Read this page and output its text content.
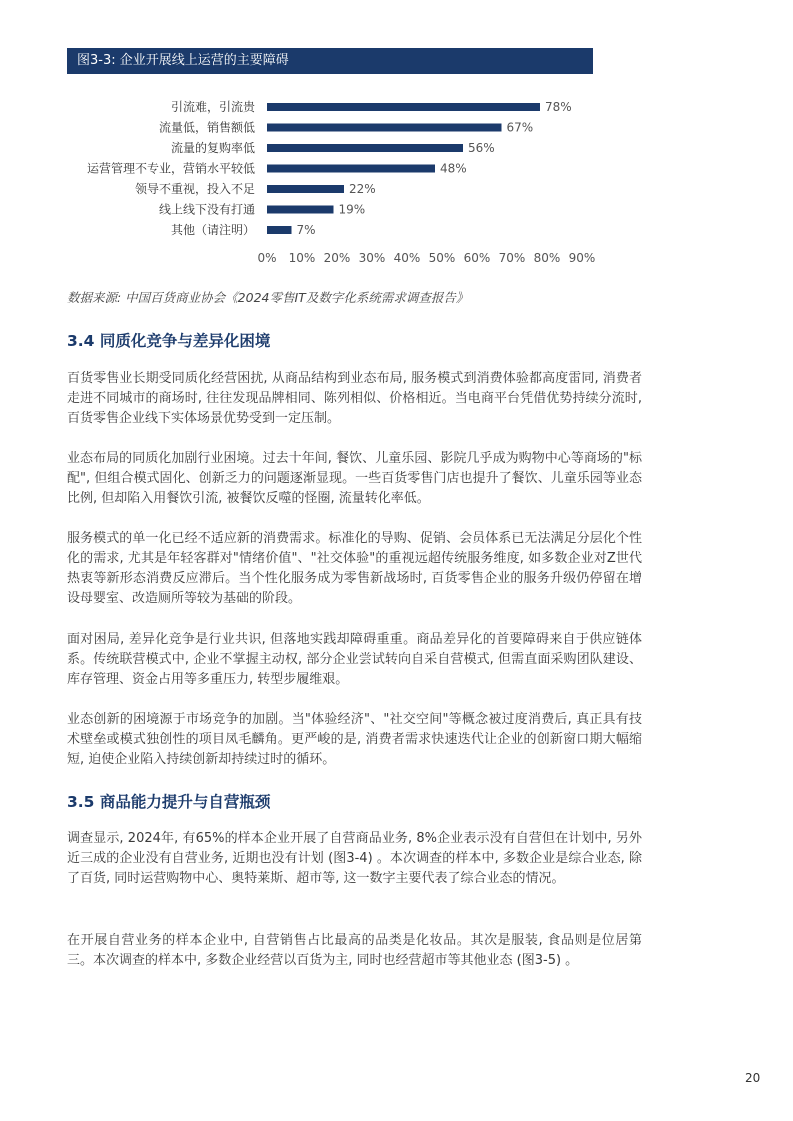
图3-3: 企业开展线上运营的主要障碍
引流难，引流贵	78%
流量低，销售额低	67%
流量的复购率低	56%
运营管理不专业，营销水平较低	48%
领导不重视，投入不足	22%
线上线下没有打通	19%
其他（请注明）	7%
0% 10% 20% 30% 40% 50% 60% 70% 80% 90%
数据来源: 中国百货商业协会《2024零售IT及数字化系统需求调查报告》
3.4 同质化竞争与差异化困境

百货零售业长期受同质化经营困扰, 从商品结构到业态布局, 服务模式到消费体验都高度雷同, 消费者走进不同城市的商场时, 往往发现品牌相同、陈列相似、价格相近。当电商平台凭借优势持续分流时, 百货零售企业线下实体场景优势受到一定压制。

业态布局的同质化加剧行业困境。过去十年间, 餐饮、儿童乐园、影院几乎成为购物中心等商场的"标配", 但组合模式固化、创新乏力的问题逐渐显现。一些百货零售门店也提升了餐饮、儿童乐园等业态比例, 但却陷入用餐饮引流, 被餐饮反噬的怪圈, 流量转化率低。

服务模式的单一化已经不适应新的消费需求。标准化的导购、促销、会员体系已无法满足分层化个性化的需求, 尤其是年轻客群对"情绪价值"、"社交体验"的重视远超传统服务维度, 如多数企业对Z世代热衷等新形态消费反应滞后。当个性化服务成为零售新战场时, 百货零售企业的服务升级仍停留在增设母婴室、改造厕所等较为基础的阶段。

面对困局, 差异化竞争是行业共识, 但落地实践却障碍重重。商品差异化的首要障碍来自于供应链体系。传统联营模式中, 企业不掌握主动权, 部分企业尝试转向自采自营模式, 但需直面采购团队建设、库存管理、资金占用等多重压力, 转型步履维艰。

业态创新的困境源于市场竞争的加剧。当"体验经济"、"社交空间"等概念被过度消费后, 真正具有技术壁垒或模式独创性的项目凤毛麟角。更严峻的是, 消费者需求快速迭代让企业的创新窗口期大幅缩短, 迫使企业陷入持续创新却持续过时的循环。

3.5 商品能力提升与自营瓶颈

调查显示, 2024年, 有65%的样本企业开展了自营商品业务, 8%企业表示没有自营但在计划中, 另外近三成的企业没有自营业务, 近期也没有计划 (图3-4) 。本次调查的样本中, 多数企业是综合业态, 除了百货, 同时运营购物中心、奥特莱斯、超市等, 这一数字主要代表了综合业态的情况。

在开展自营业务的样本企业中, 自营销售占比最高的品类是化妆品。其次是服装, 食品则是位居第三。本次调查的样本中, 多数企业经营以百货为主, 同时也经营超市等其他业态 (图3-5) 。

20
